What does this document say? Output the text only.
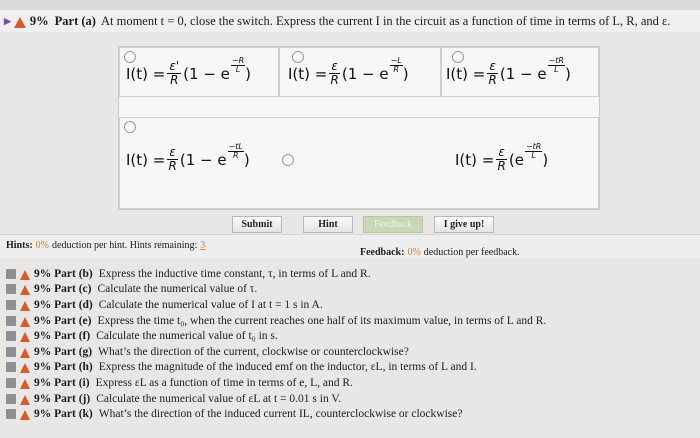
▶ 9% Part (a) At moment t = 0, close the switch. Express the current I in the circuit as a function of time in terms of L, R, and ε.
$I(t) = \frac{\varepsilon'}{R} (1 - e$
−R
L ) $I(t) = \frac{\varepsilon}{R} (1 - e$
−L
R ) $I(t) = \frac{\varepsilon}{R} (1 - e$
−tR
L )
$I(t) = \frac{\varepsilon}{R} (1 - e$
−tL
R )	$I(t) = \frac{\varepsilon}{R} (e$
−tR
L )
Submit	Hint	Feedback	I give up!
Hints: 0% deduction per hint. Hints remaining: 3
Feedback: 0% deduction per feedback.
9% Part (b) Express the inductive time constant, τ, in terms of L and R.
9% Part (c) Calculate the numerical value of τ.
9% Part (d) Calculate the numerical value of I at t = 1 s in A.
9% Part (e) Express the time t₀, when the current reaches one half of its maximum value, in terms of L and R.
9% Part (f) Calculate the numerical value of t₀ in s.
9% Part (g) What’s the direction of the current, clockwise or counterclockwise?
9% Part (h) Express the magnitude of the induced emf on the inductor, εL, in terms of L and I.
9% Part (i) Express εL as a function of time in terms of e, L, and R.
9% Part (j) Calculate the numerical value of εL at t = 0.01 s in V.
9% Part (k) What’s the direction of the induced current IL, counterclockwise or clockwise?
